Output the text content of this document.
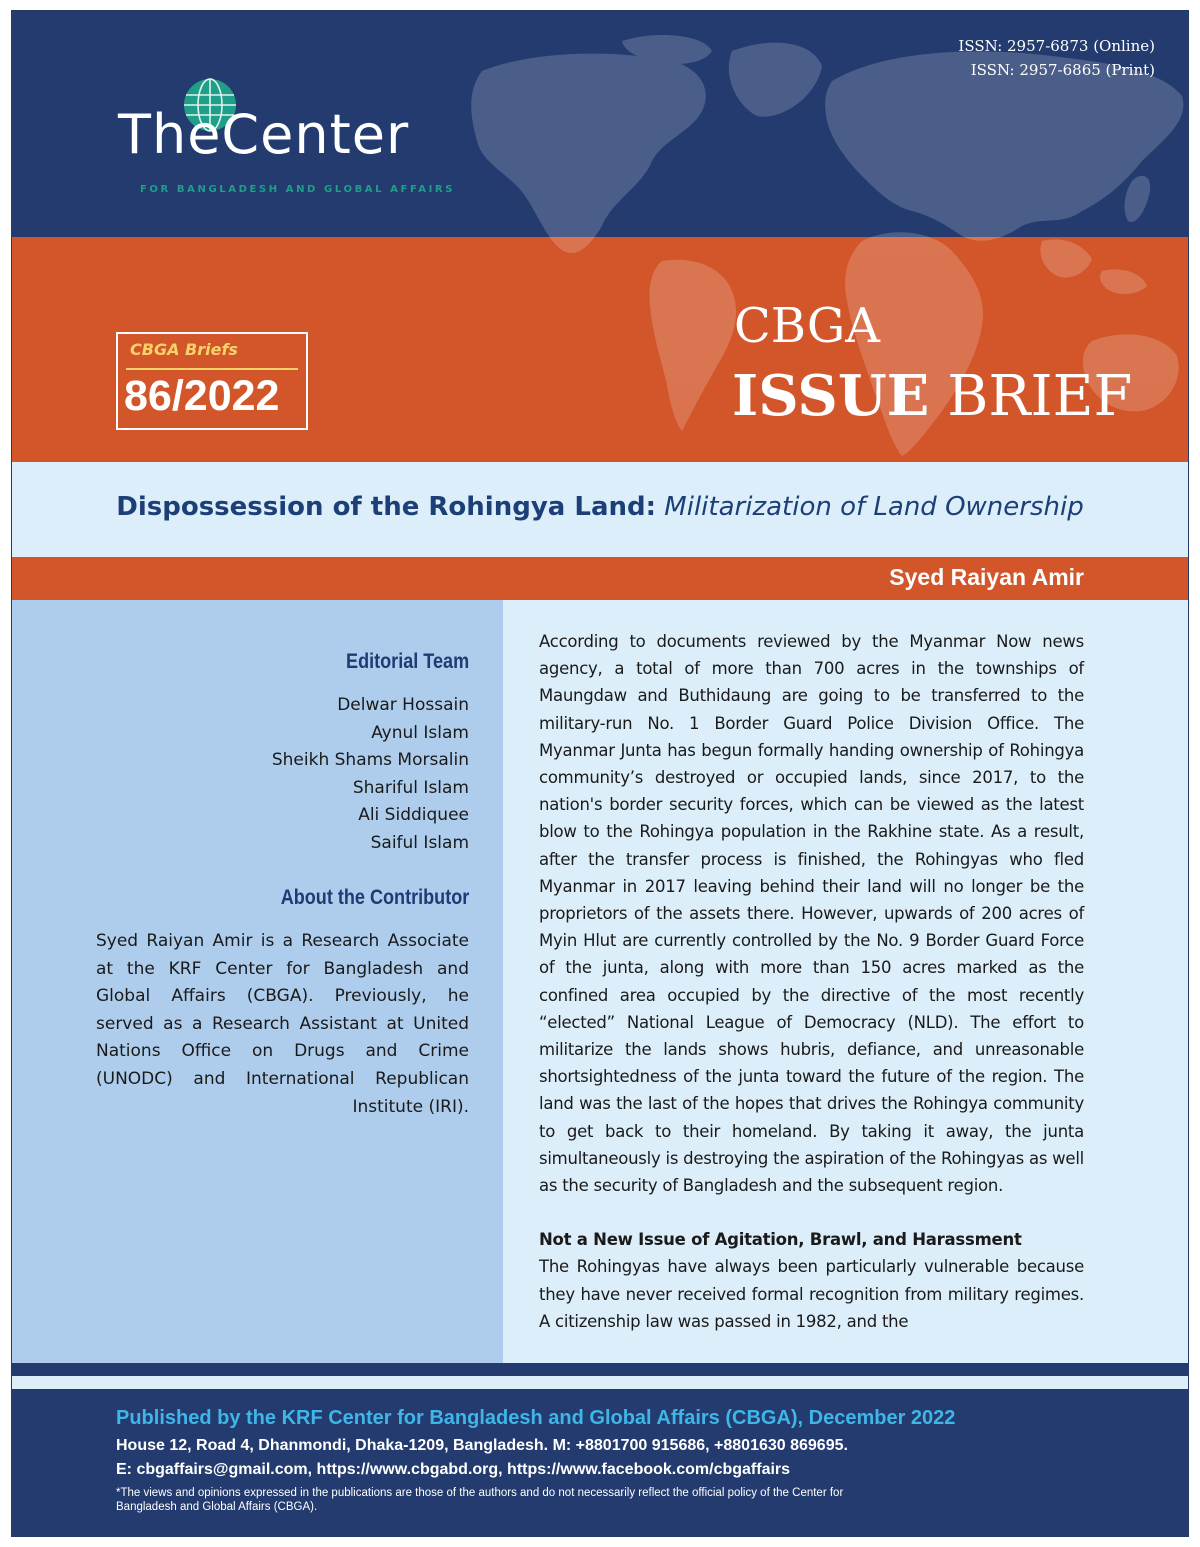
ISSN: 2957-6873 (Online)
ISSN: 2957-6865 (Print)
TheCenter
FOR BANGLADESH AND GLOBAL AFFAIRS
CBGA Briefs
86/2022
CBGA
ISSUE BRIEF
Dispossession of the Rohingya Land: Militarization of Land Ownership
Syed Raiyan Amir
Editorial Team
Delwar Hossain
Aynul Islam
Sheikh Shams Morsalin
Shariful Islam
Ali Siddiquee
Saiful Islam
About the Contributor
Syed Raiyan Amir is a Research Associate at the KRF Center for Bangladesh and Global Affairs (CBGA). Previously, he served as a Research Assistant at United Nations Office on Drugs and Crime (UNODC) and International Republican Institute (IRI).

According to documents reviewed by the Myanmar Now news agency, a total of more than 700 acres in the townships of Maungdaw and Buthidaung are going to be transferred to the military-run No. 1 Border Guard Police Division Office. The Myanmar Junta has begun formally handing ownership of Rohingya community’s destroyed or occupied lands, since 2017, to the nation's border security forces, which can be viewed as the latest blow to the Rohingya population in the Rakhine state. As a result, after the transfer process is finished, the Rohingyas who fled Myanmar in 2017 leaving behind their land will no longer be the proprietors of the assets there. However, upwards of 200 acres of Myin Hlut are currently controlled by the No. 9 Border Guard Force of the junta, along with more than 150 acres marked as the confined area occupied by the directive of the most recently “elected” National League of Democracy (NLD). The effort to militarize the lands shows hubris, defiance, and unreasonable shortsightedness of the junta toward the future of the region. The land was the last of the hopes that drives the Rohingya community to get back to their homeland. By taking it away, the junta simultaneously is destroying the aspiration of the Rohingyas as well as the security of Bangladesh and the subsequent region.

Not a New Issue of Agitation, Brawl, and Harassment

The Rohingyas have always been particularly vulnerable because they have never received formal recognition from military regimes. A citizenship law was passed in 1982, and the

Published by the KRF Center for Bangladesh and Global Affairs (CBGA), December 2022
House 12, Road 4, Dhanmondi, Dhaka-1209, Bangladesh. M: +8801700 915686, +8801630 869695.
E: cbgaffairs@gmail.com, https://www.cbgabd.org, https://www.facebook.com/cbgaffairs
*The views and opinions expressed in the publications are those of the authors and do not necessarily reflect the official policy of the Center for Bangladesh and Global Affairs (CBGA).
